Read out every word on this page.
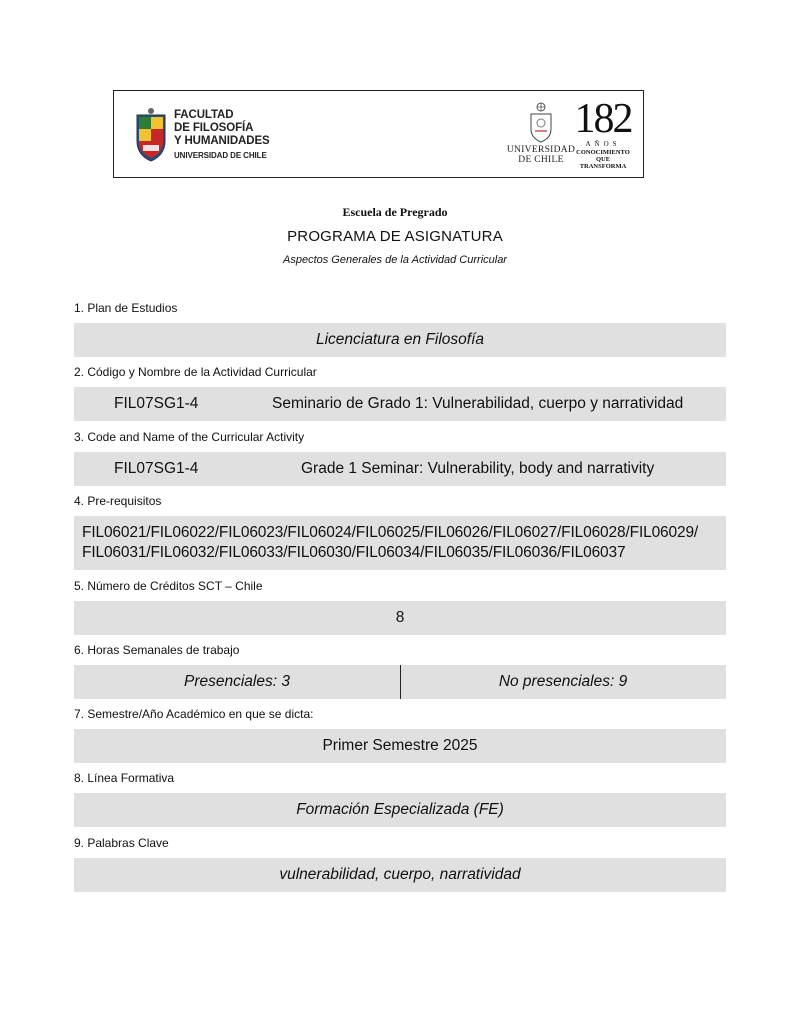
FACULTAD
DE FILOSOFÍA
Y HUMANIDADES
UNIVERSIDAD DE CHILE
UNIVERSIDAD
DE CHILE
182
AÑOS
CONOCIMIENTO
QUE TRANSFORMA
Escuela de Pregrado
PROGRAMA DE ASIGNATURA
Aspectos Generales de la Actividad Curricular
1. Plan de Estudios
Licenciatura en Filosofía
2. Código y Nombre de la Actividad Curricular
FIL07SG1-4	Seminario de Grado 1: Vulnerabilidad, cuerpo y narratividad
3. Code and Name of the Curricular Activity
FIL07SG1-4	Grade 1 Seminar: Vulnerability, body and narrativity
4. Pre-requisitos
FIL06021/FIL06022/FIL06023/FIL06024/FIL06025/FIL06026/FIL06027/FIL06028/FIL06029/
FIL06031/FIL06032/FIL06033/FIL06030/FIL06034/FIL06035/FIL06036/FIL06037
5. Número de Créditos SCT – Chile
8
6. Horas Semanales de trabajo
Presenciales: 3	No presenciales: 9
7. Semestre/Año Académico en que se dicta:
Primer Semestre 2025
8. Línea Formativa
Formación Especializada (FE)
9. Palabras Clave
vulnerabilidad, cuerpo, narratividad
